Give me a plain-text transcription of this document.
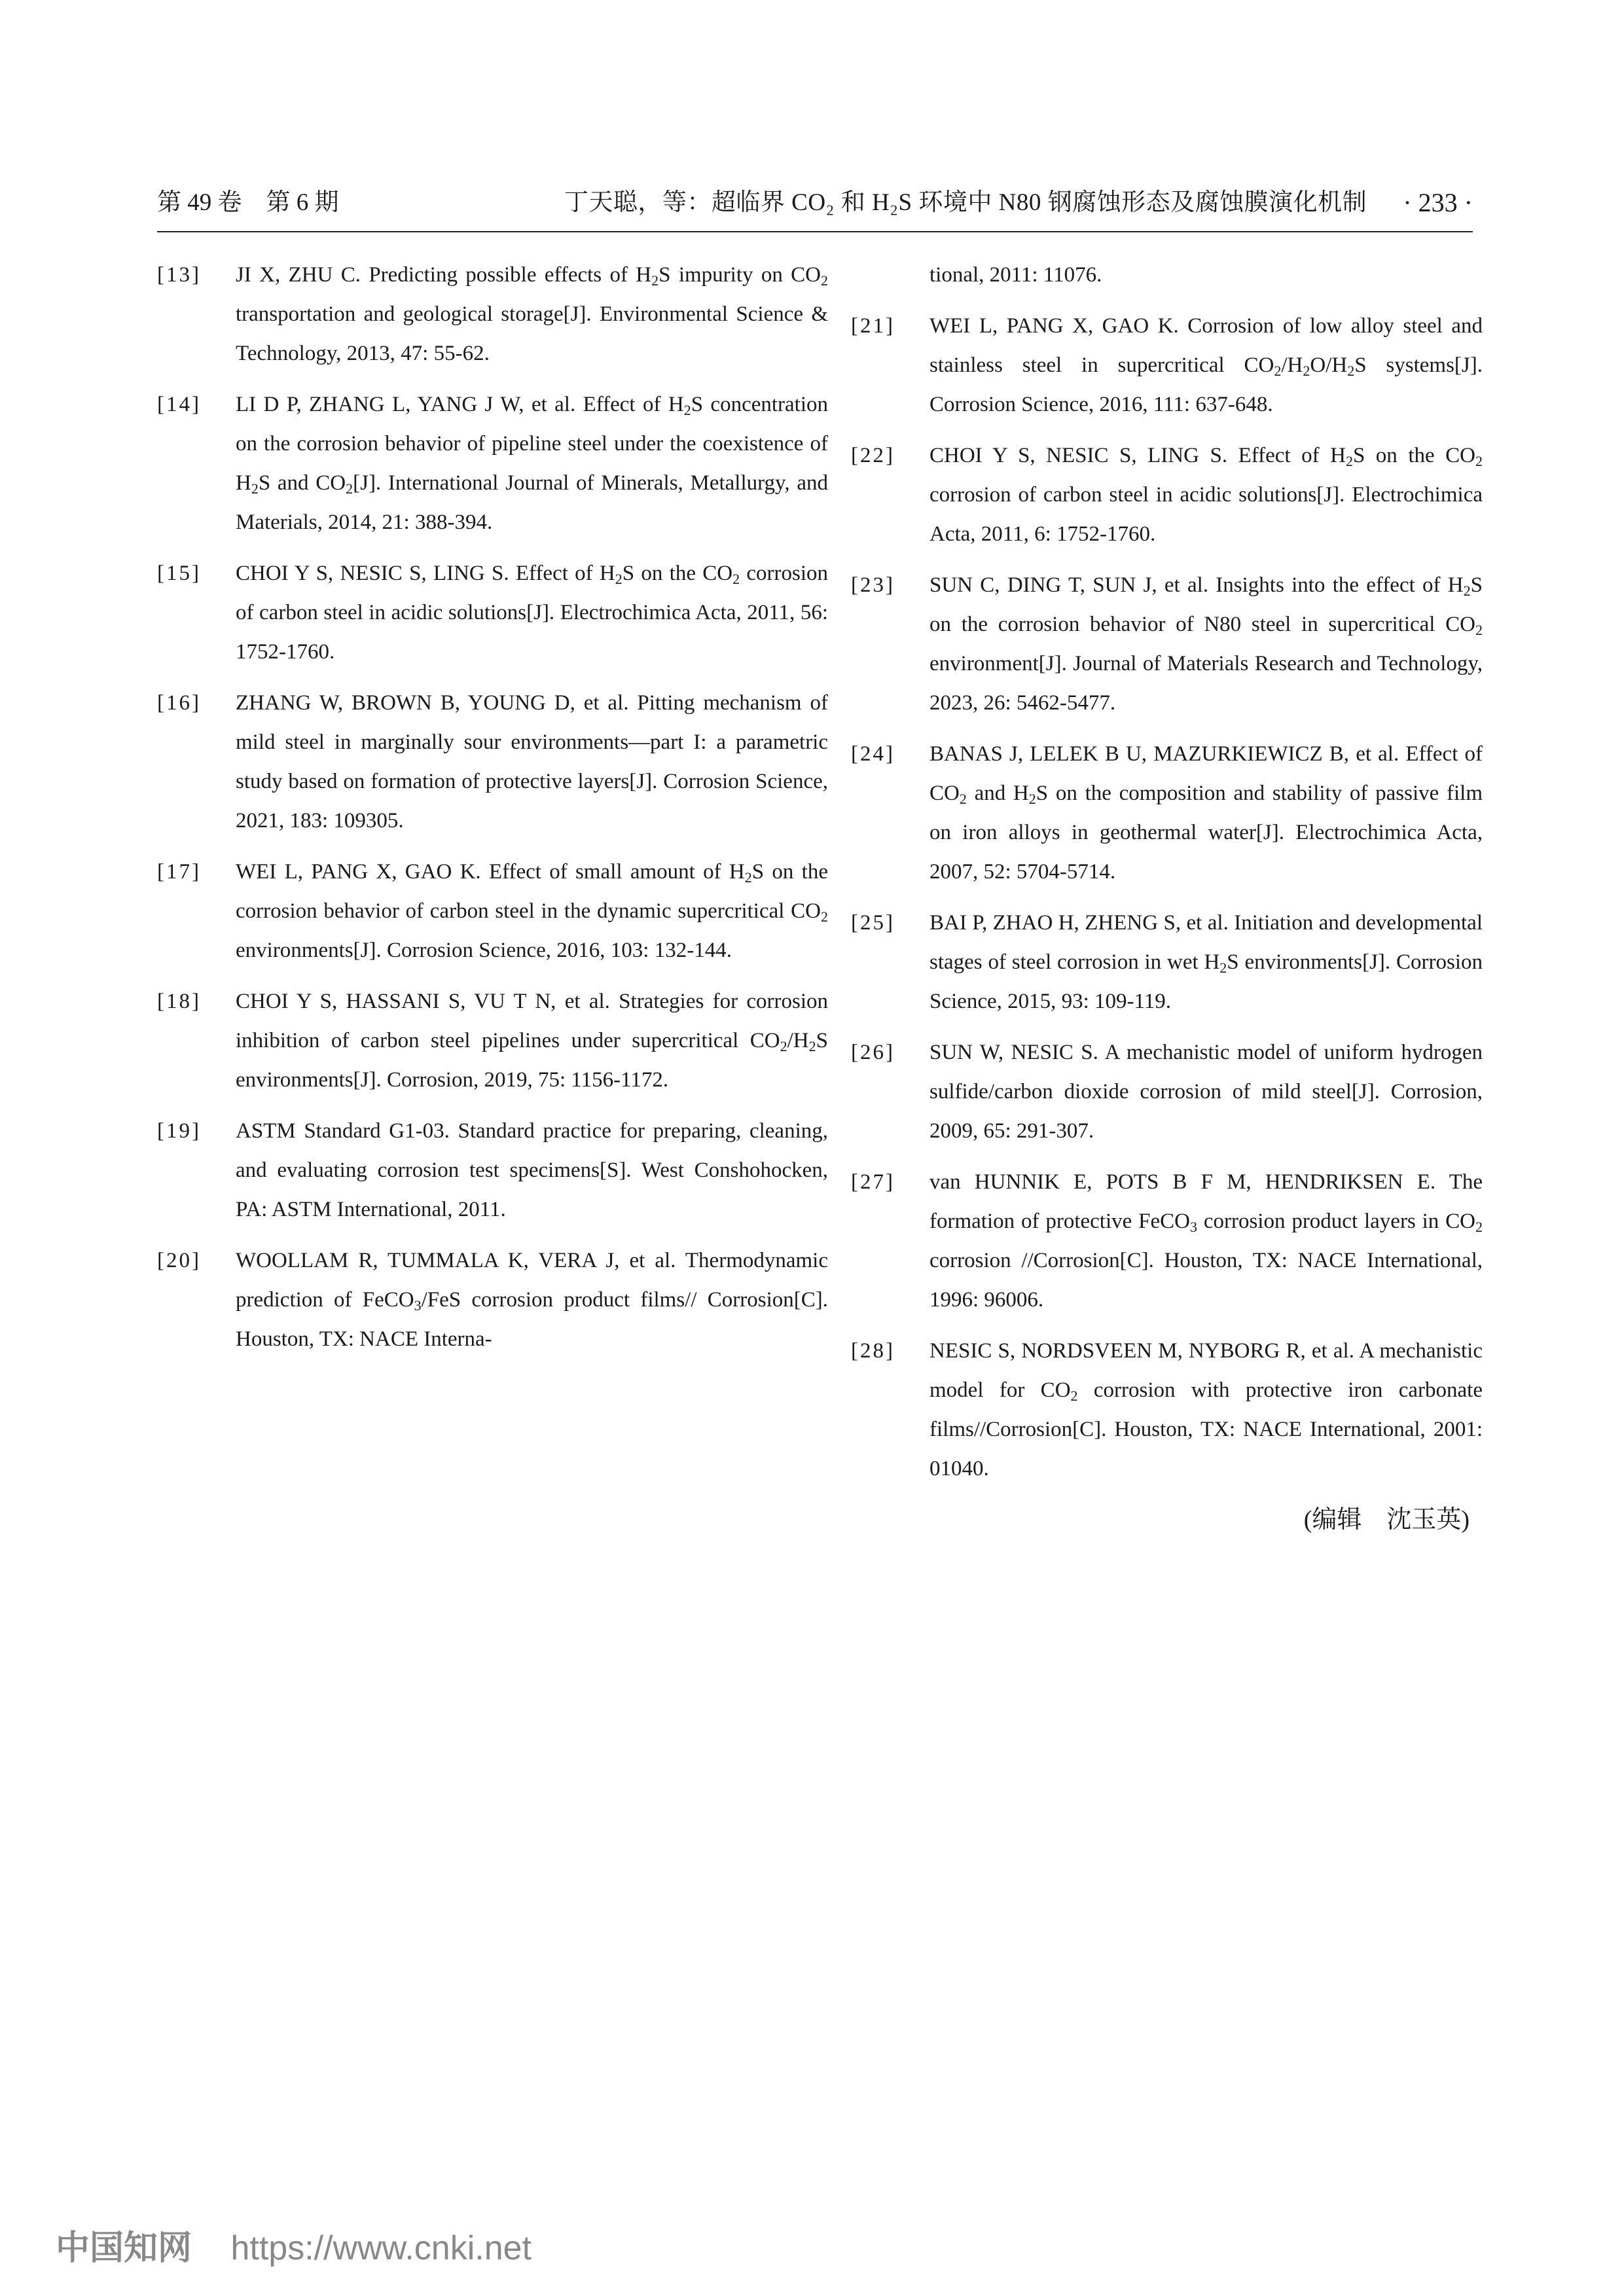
第 49 卷　第 6 期	丁天聪，等：超临界 CO₂ 和 H₂S 环境中 N80 钢腐蚀形态及腐蚀膜演化机制	· 233 ·
[13] JI X, ZHU C. Predicting possible effects of $H_2S$ impurity on $CO_2$ transportation and geological storage[J]. Environmental Science & Technology, 2013, 47: 55-62.
[14] LI D P, ZHANG L, YANG J W, et al. Effect of $H_2S$ concentration on the corrosion behavior of pipeline steel under the coexistence of $H_2S$ and $CO_2[J]$. International Journal of Minerals, Metallurgy, and Materials, 2014, 21: 388-394.
[15] CHOI Y S, NESIC S, LING S. Effect of $H_2S$ on the $CO_2$ corrosion of carbon steel in acidic solutions[J]. Electrochimica Acta, 2011, 56: 1752-1760.
[16] ZHANG W, BROWN B, YOUNG D, et al. Pitting mechanism of mild steel in marginally sour environments—part I: a parametric study based on formation of protective layers[J]. Corrosion Science, 2021, 183: 109305.
[17] WEI L, PANG X, GAO K. Effect of small amount of $H_2S$ on the corrosion behavior of carbon steel in the dynamic supercritical $CO_2$ environments[J]. Corrosion Science, 2016, 103: 132-144.
[18] CHOI Y S, HASSANI S, VU T N, et al. Strategies for corrosion inhibition of carbon steel pipelines under supercritical $CO_2/H_2S$ environments[J]. Corrosion, 2019, 75: 1156-1172.
[19] ASTM Standard G1-03. Standard practice for preparing, cleaning, and evaluating corrosion test specimens[S]. West Conshohocken, PA: ASTM International, 2011.
[20] WOOLLAM R, TUMMALA K, VERA J, et al. Thermodynamic prediction of FeCO$_3$/FeS corrosion product films// Corrosion[C]. Houston, TX: NACE Interna-
tional, 2011: 11076.
[21] WEI L, PANG X, GAO K. Corrosion of low alloy steel and stainless steel in supercritical $CO_2/H_2O/H_2S$ systems[J]. Corrosion Science, 2016, 111: 637-648.
[22] CHOI Y S, NESIC S, LING S. Effect of $H_2S$ on the $CO_2$ corrosion of carbon steel in acidic solutions[J]. Electrochimica Acta, 2011, 6: 1752-1760.
[23] SUN C, DING T, SUN J, et al. Insights into the effect of $H_2S$ on the corrosion behavior of N80 steel in supercritical $CO_2$ environment[J]. Journal of Materials Research and Technology, 2023, 26: 5462-5477.
[24] BANAS J, LELEK B U, MAZURKIEWICZ B, et al. Effect of $CO_2$ and $H_2S$ on the composition and stability of passive film on iron alloys in geothermal water[J]. Electrochimica Acta, 2007, 52: 5704-5714.
[25] BAI P, ZHAO H, ZHENG S, et al. Initiation and developmental stages of steel corrosion in wet $H_2S$ environments[J]. Corrosion Science, 2015, 93: 109-119.
[26] SUN W, NESIC S. A mechanistic model of uniform hydrogen sulfide/carbon dioxide corrosion of mild steel[J]. Corrosion, 2009, 65: 291-307.
[27] van HUNNIK E, POTS B F M, HENDRIKSEN E. The formation of protective FeCO$_3$ corrosion product layers in $CO_2$ corrosion //Corrosion[C]. Houston, TX: NACE International, 1996: 96006.
[28] NESIC S, NORDSVEEN M, NYBORG R, et al. A mechanistic model for $CO_2$ corrosion with protective iron carbonate films//Corrosion[C]. Houston, TX: NACE International, 2001: 01040.
(编辑　沈玉英)
中国知网 https://www.cnki.net
